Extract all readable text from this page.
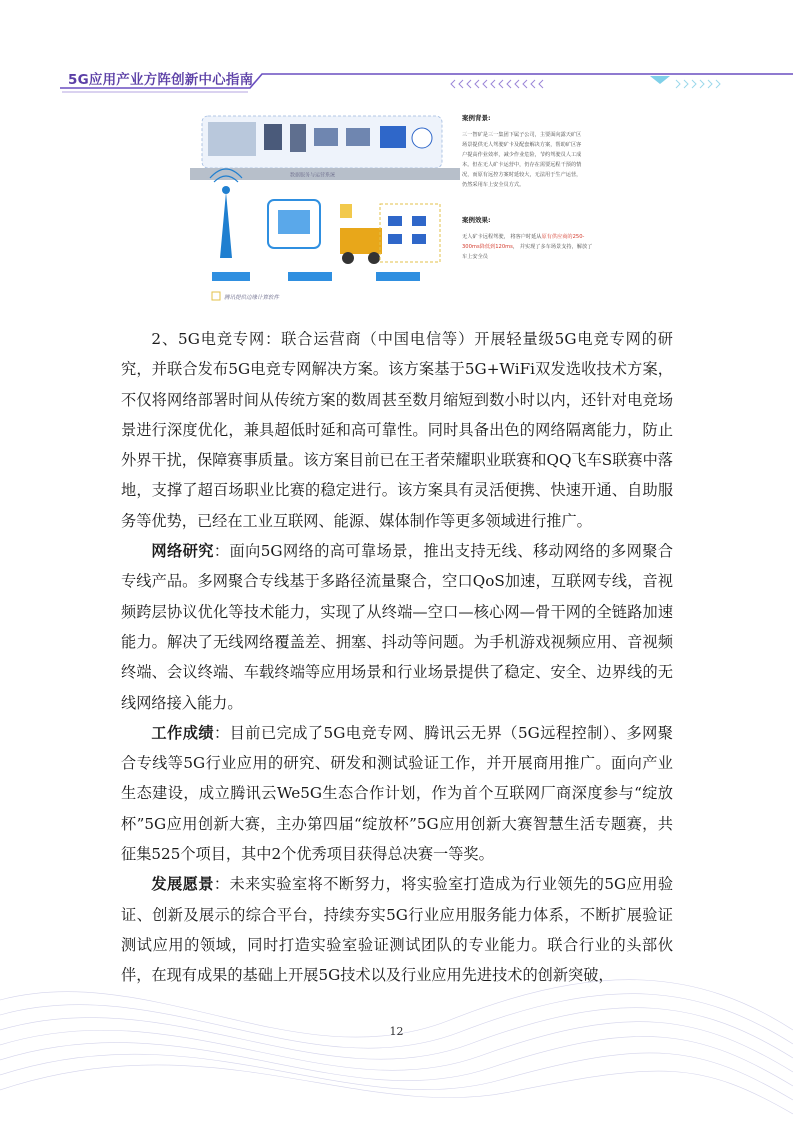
5G应用产业方阵创新中心指南
数据服务与运营系统
腾讯提供边缘计算软件
案例背景:
三一智矿是三一集团下属子公司，主要面向露天矿区
场景提供无人驾驶矿卡及配套解决方案，帮助矿区客
户提高作业效率，减少作业危险，节约驾驶员人工成
本。但在无人矿卡运营中，仍存在需要远程干预的情
况，而原有远控方案时延较大，无法用于生产运营，
仍然采用车上安全员方式。
案例效果:
无人矿卡远程驾驶， 将客户时延从原有供应商的250-
300ms降低到120ms， 并实现了多车场景支持，解放了
车上安全员

2、5G电竞专网：联合运营商（中国电信等）开展轻量级5G电竞专网的研究，并联合发布5G电竞专网解决方案。该方案基于5G+WiFi双发选收技术方案，不仅将网络部署时间从传统方案的数周甚至数月缩短到数小时以内，还针对电竞场景进行深度优化，兼具超低时延和高可靠性。同时具备出色的网络隔离能力，防止外界干扰，保障赛事质量。该方案目前已在王者荣耀职业联赛和QQ飞车S联赛中落地，支撑了超百场职业比赛的稳定进行。该方案具有灵活便携、快速开通、自助服务等优势，已经在工业互联网、能源、媒体制作等更多领域进行推广。

网络研究：面向5G网络的高可靠场景，推出支持无线、移动网络的多网聚合专线产品。多网聚合专线基于多路径流量聚合，空口QoS加速，互联网专线，音视频跨层协议优化等技术能力，实现了从终端—空口—核心网—骨干网的全链路加速能力。解决了无线网络覆盖差、拥塞、抖动等问题。为手机游戏视频应用、音视频终端、会议终端、车载终端等应用场景和行业场景提供了稳定、安全、边界线的无线网络接入能力。

工作成绩：目前已完成了5G电竞专网、腾讯云无界（5G远程控制）、多网聚合专线等5G行业应用的研究、研发和测试验证工作，并开展商用推广。面向产业生态建设，成立腾讯云We5G生态合作计划，作为首个互联网厂商深度参与“绽放杯”5G应用创新大赛，主办第四届“绽放杯”5G应用创新大赛智慧生活专题赛，共征集525个项目，其中2个优秀项目获得总决赛一等奖。

发展愿景：未来实验室将不断努力，将实验室打造成为行业领先的5G应用验证、创新及展示的综合平台，持续夯实5G行业应用服务能力体系，不断扩展验证测试应用的领域，同时打造实验室验证测试团队的专业能力。联合行业的头部伙伴，在现有成果的基础上开展5G技术以及行业应用先进技术的创新突破，

12
